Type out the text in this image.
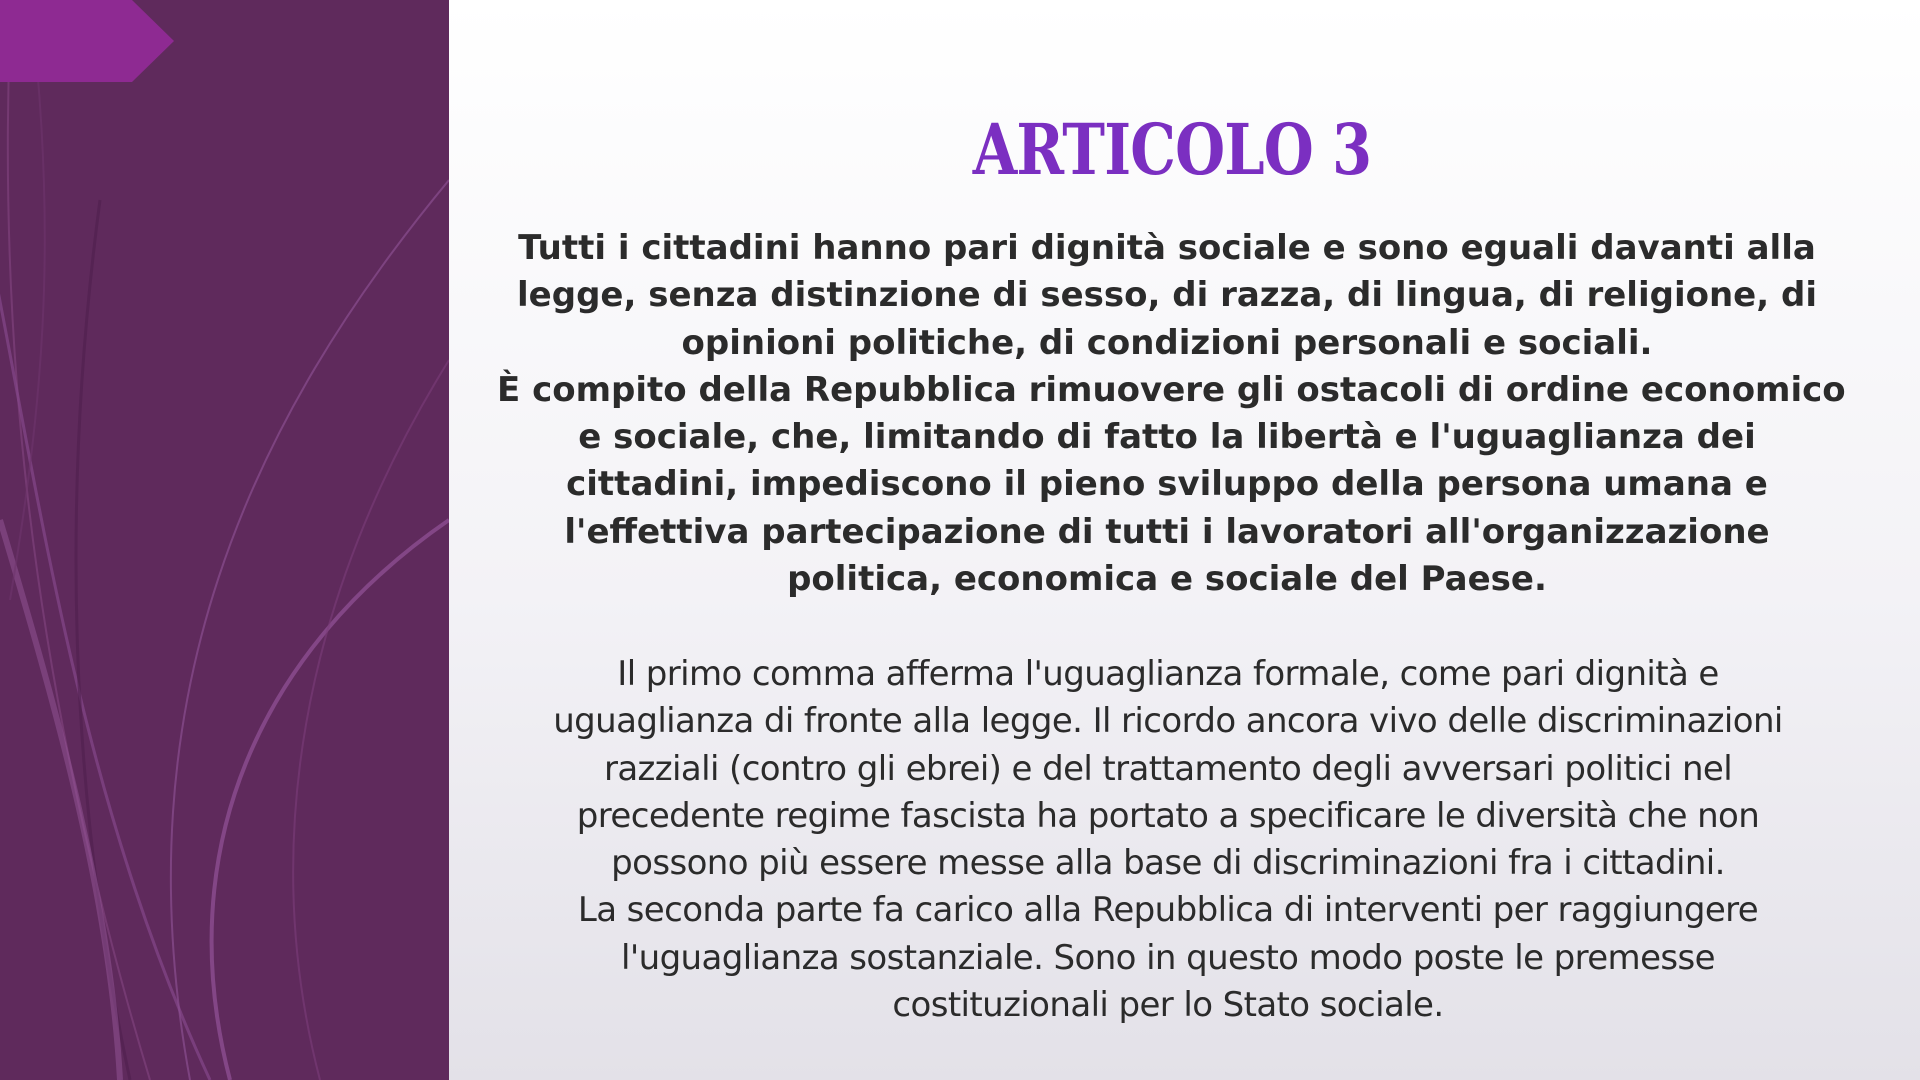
ARTICOLO 3

Tutti i cittadini hanno pari dignità sociale e sono eguali davanti alla
legge, senza distinzione di sesso, di razza, di lingua, di religione, di
opinioni politiche, di condizioni personali e sociali.
È compito della Repubblica rimuovere gli ostacoli di ordine economico
e sociale, che, limitando di fatto la libertà e l'uguaglianza dei
cittadini, impediscono il pieno sviluppo della persona umana e
l'effettiva partecipazione di tutti i lavoratori all'organizzazione
politica, economica e sociale del Paese.

Il primo comma afferma l'uguaglianza formale, come pari dignità e
uguaglianza di fronte alla legge. Il ricordo ancora vivo delle discriminazioni
razziali (contro gli ebrei) e del trattamento degli avversari politici nel
precedente regime fascista ha portato a specificare le diversità che non
possono più essere messe alla base di discriminazioni fra i cittadini.
La seconda parte fa carico alla Repubblica di interventi per raggiungere
l'uguaglianza sostanziale. Sono in questo modo poste le premesse
costituzionali per lo Stato sociale.
